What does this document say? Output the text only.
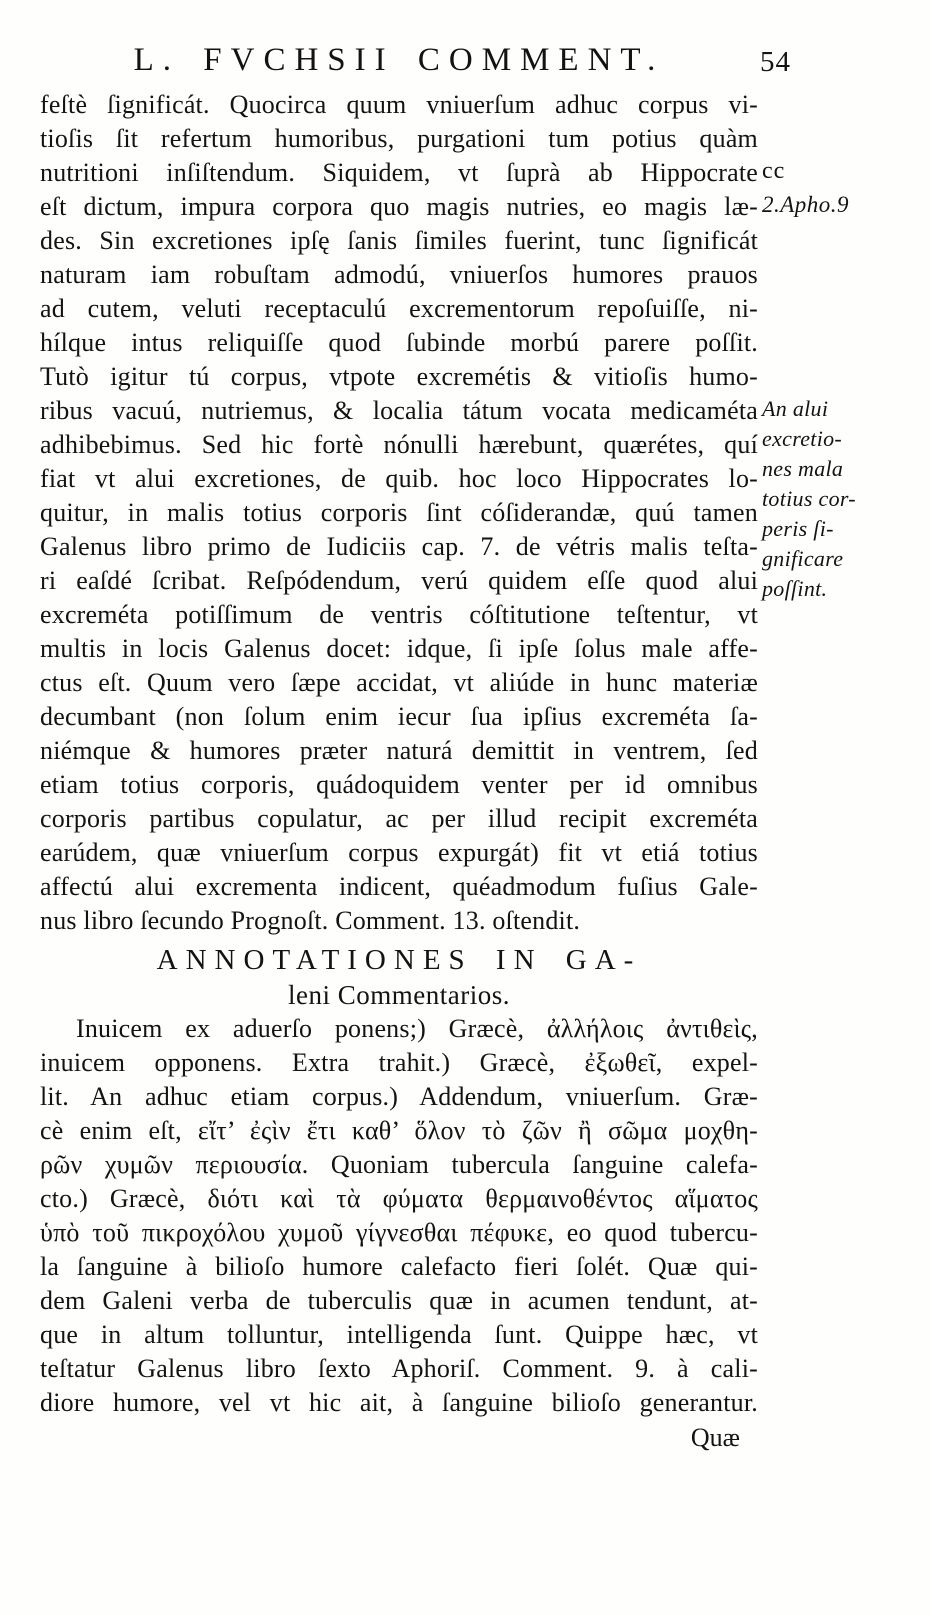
L. FVCHSII COMMENT.	54
feſtè ſignificát. Quocirca quum vniuerſum adhuc corpus vi-
tioſis ſit refertum humoribus, purgationi tum potius quàm
nutritioni inſiſtendum. Siquidem, vt ſuprà ab Hippocrate
eſt dictum, impura corpora quo magis nutries, eo magis læ-
des. Sin excretiones ipſę ſanis ſimiles fuerint, tunc ſignificát
naturam iam robuſtam admodú, vniuerſos humores prauos
ad cutem, veluti receptaculú excrementorum repoſuiſſe, ni-
hílque intus reliquiſſe quod ſubinde morbú parere poſſit.
Tutò igitur tú corpus, vtpote excremétis & vitioſis humo-
ribus vacuú, nutriemus, & localia tátum vocata medicaméta
adhibebimus. Sed hic fortè nónulli hærebunt, quærétes, quí
fiat vt alui excretiones, de quib. hoc loco Hippocrates lo-
quitur, in malis totius corporis ſint cóſiderandæ, quú tamen
Galenus libro primo de Iudiciis cap. 7. de vétris malis teſta-
ri eaſdé ſcribat. Reſpódendum, verú quidem eſſe quod alui
excreméta potiſſimum de ventris cóſtitutione teſtentur, vt
multis in locis Galenus docet: idque, ſi ipſe ſolus male affe-
ctus eſt. Quum vero ſæpe accidat, vt aliúde in hunc materiæ
decumbant (non ſolum enim iecur ſua ipſius excreméta ſa-
niémque & humores præter naturá demittit in ventrem, ſed
etiam totius corporis, quádoquidem venter per id omnibus
corporis partibus copulatur, ac per illud recipit excreméta
earúdem, quæ vniuerſum corpus expurgát) fit vt etiá totius
affectú alui excrementa indicent, quéadmodum fuſius Gale-
nus libro ſecundo Prognoſt. Comment. 13. oſtendit.
ANNOTATIONES IN GA-
leni Commentarios.
Inuicem ex aduerſo ponens;) Græcè, ἀλλήλοις ἀντιθεὶς,
inuicem opponens. Extra trahit.) Græcè, ἐξωθεῖ, expel-
lit. An adhuc etiam corpus.) Addendum, vniuerſum. Græ-
cè enim eſt, εἴτ’ ἐςὶν ἔτι καθ’ ὅλον τὸ ζῶν ἢ σῶμα μοχθη-
ρῶν χυμῶν περιουσία. Quoniam tubercula ſanguine calefa-
cto.) Græcè, διότι καὶ τὰ φύματα θερμαινοθέντος αἵματος
ὑπὸ τοῦ πικροχόλου χυμοῦ γίγνεσθαι πέφυκε, eo quod tubercu-
la ſanguine à bilioſo humore calefacto fieri ſolét. Quæ qui-
dem Galeni verba de tuberculis quæ in acumen tendunt, at-
que in altum tolluntur, intelligenda ſunt. Quippe hæc, vt
teſtatur Galenus libro ſexto Aphoriſ. Comment. 9. à cali-
diore humore, vel vt hic ait, à ſanguine bilioſo generantur.
Quæ
cc
2.Apho.9
An alui
excretio-
nes mala
totius cor-
peris ſi-
gnificare
poſſint.
